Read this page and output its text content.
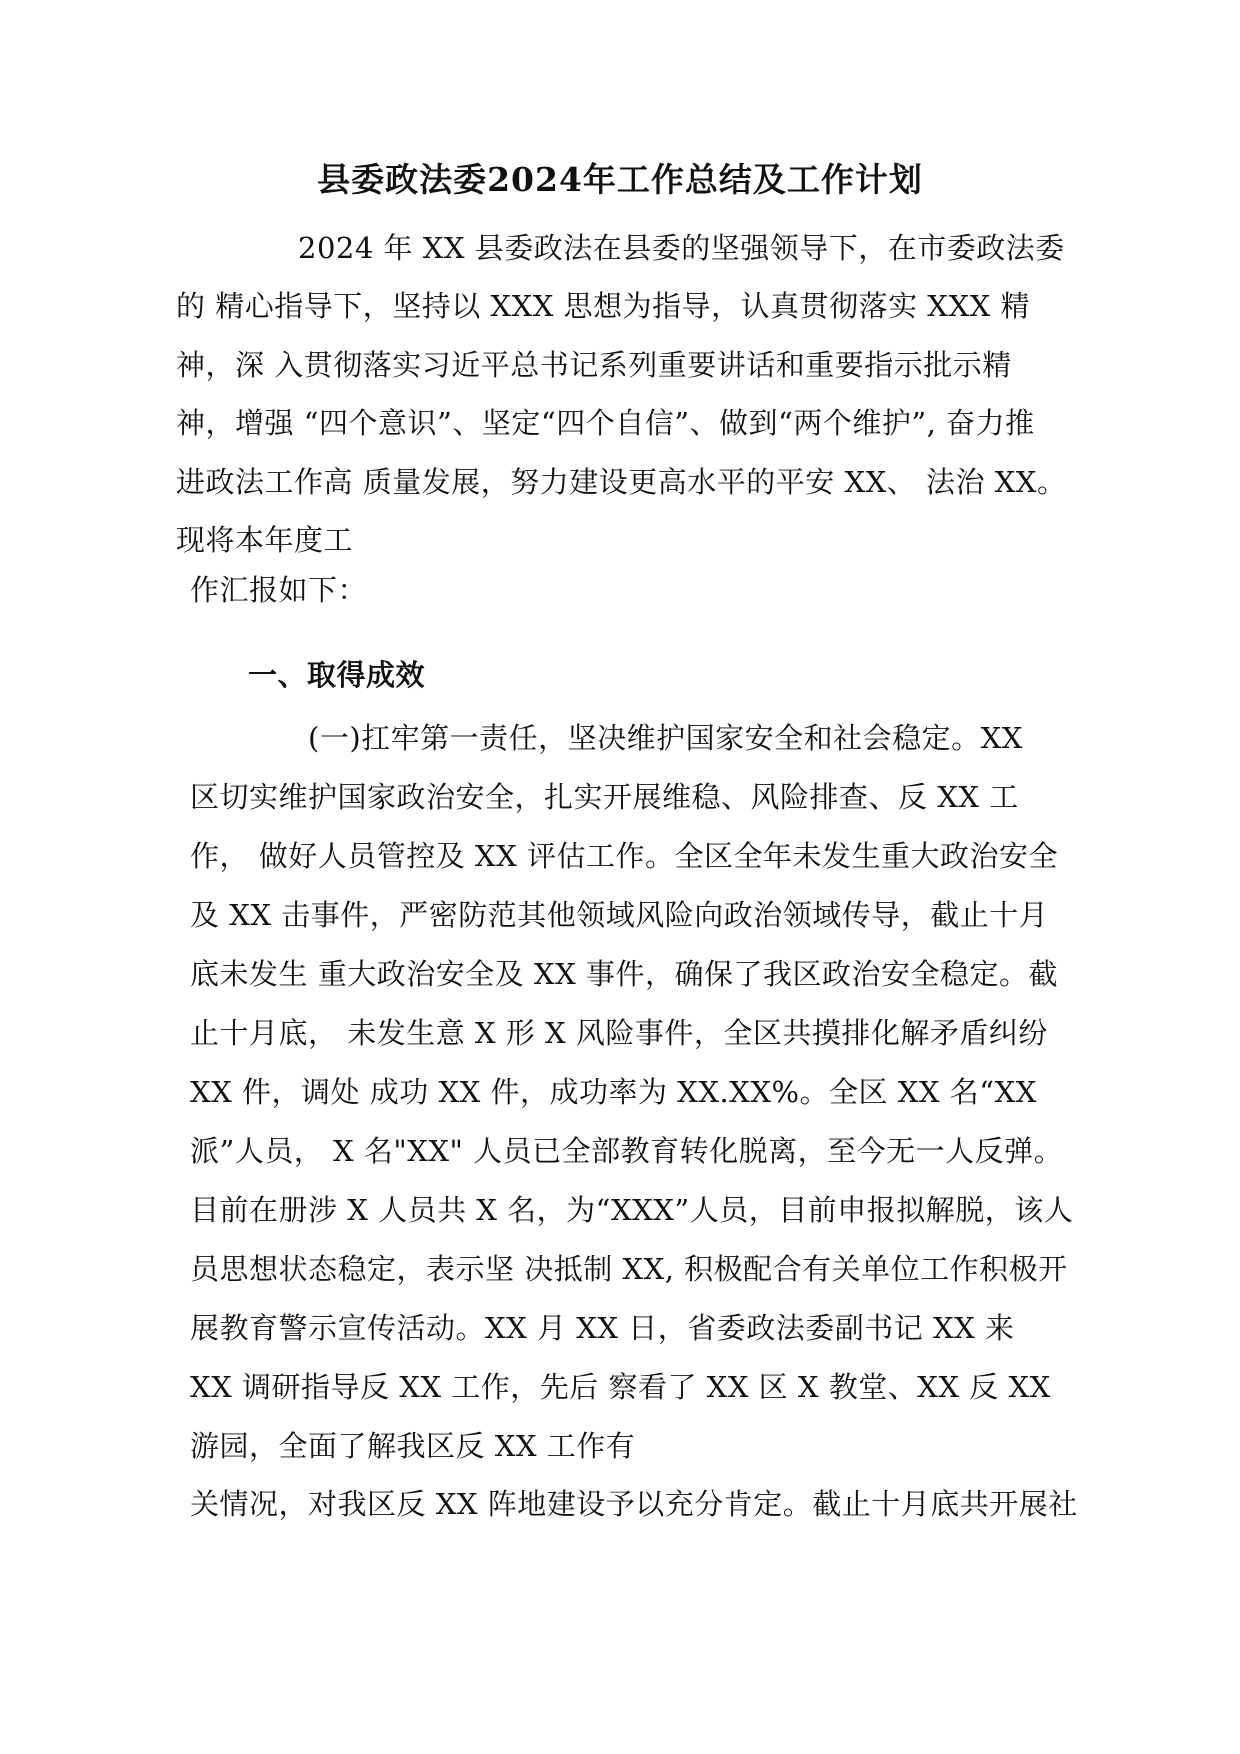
县委政法委2024年工作总结及工作计划
2024 年 XX 县委政法在县委的坚强领导下，在市委政法委
的 精心指导下，坚持以 XXX 思想为指导，认真贯彻落实 XXX 精
神，深 入贯彻落实习近平总书记系列重要讲话和重要指示批示精
神，增强 “四个意识”、坚定“四个自信”、做到“两个维护”, 奋力推
进政法工作高 质量发展，努力建设更高水平的平安 XX、 法治 XX。
现将本年度工
作汇报如下：
一、取得成效
(一)扛牢第一责任，坚决维护国家安全和社会稳定。XX
区切实维护国家政治安全，扎实开展维稳、风险排查、反 XX 工
作， 做好人员管控及 XX 评估工作。全区全年未发生重大政治安全
及 XX 击事件，严密防范其他领域风险向政治领域传导，截止十月
底未发生 重大政治安全及 XX 事件，确保了我区政治安全稳定。截
止十月底， 未发生意 X 形 X 风险事件，全区共摸排化解矛盾纠纷
XX 件，调处 成功 XX 件，成功率为 XX.XX%。全区 XX 名“XX
派”人员， X 名"XX" 人员已全部教育转化脱离，至今无一人反弹。
目前在册涉 X 人员共 X 名，为“XXX”人员，目前申报拟解脱，该人
员思想状态稳定，表示坚 决抵制 XX, 积极配合有关单位工作积极开
展教育警示宣传活动。XX 月 XX 日，省委政法委副书记 XX 来
XX 调研指导反 XX 工作，先后 察看了 XX 区 X 教堂、XX 反 XX
游园，全面了解我区反 XX 工作有
关情况，对我区反 XX 阵地建设予以充分肯定。截止十月底共开展社
